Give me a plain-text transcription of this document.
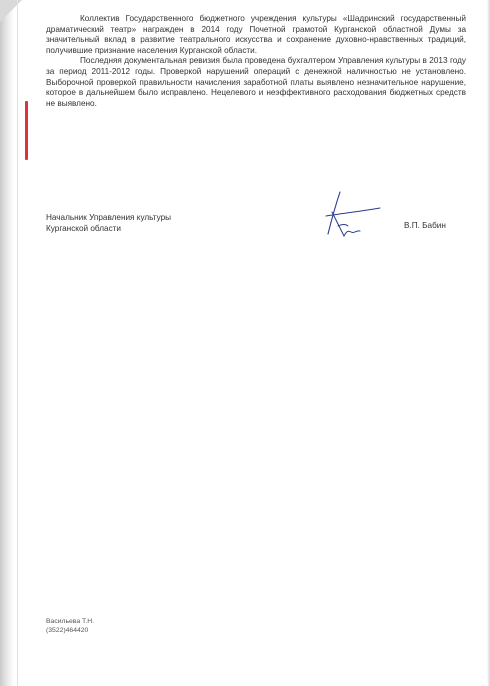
Коллектив Государственного бюджетного учреждения культуры «Шадринский государственный драматический театр» награжден в 2014 году Почетной грамотой Курганской областной Думы за значительный вклад в развитие театрального искусства и сохранение духовно-нравственных традиций, получившие признание населения Курганской области.

Последняя документальная ревизия была проведена бухгалтером Управления культуры в 2013 году за период 2011-2012 годы. Проверкой нарушений операций с денежной наличностью не установлено. Выборочной проверкой правильности начисления заработной платы выявлено незначительное нарушение, которое в дальнейшем было исправлено. Нецелевого и неэффективного расходования бюджетных средств не выявлено.

Начальник Управления культуры
Курганской области	В.П. Бабин
Васильева Т.Н.
(3522)464420
